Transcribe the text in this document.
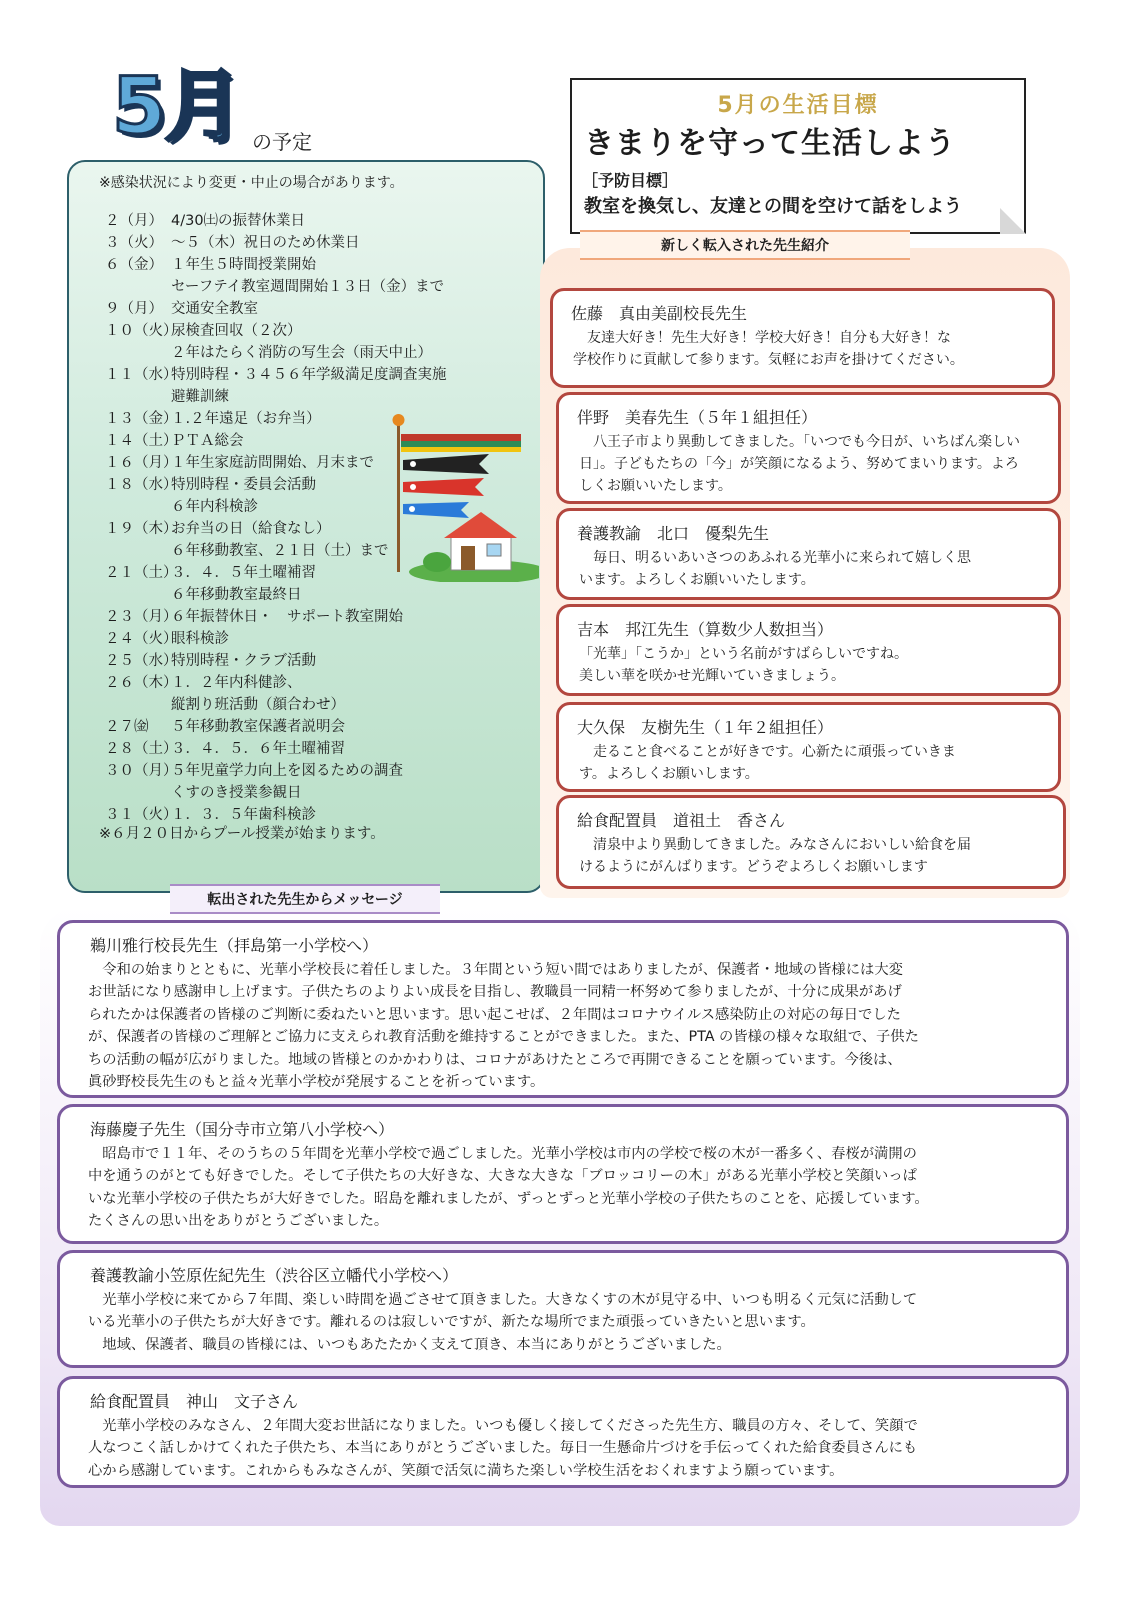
5月 の予定
※感染状況により変更・中止の場合があります。
２（月） 4/30㈯の振替休業日
３（火） ～５（木）祝日のため休業日
６（金） １年生５時間授業開始
セーフテイ教室週間開始１３日（金）まで
９（月） 交通安全教室
１０（火）尿検査回収（２次）
２年はたらく消防の写生会（雨天中止）
１１（水）特別時程・３４５６年学級満足度調査実施
避難訓練
１３（金）１.２年遠足（お弁当）
１４（土）ＰＴＡ総会
１６（月）１年生家庭訪問開始、月末まで
１８（水）特別時程・委員会活動
６年内科検診
１９（木）お弁当の日（給食なし）
６年移動教室、２１日（土）まで
２１（土）３．４．５年土曜補習
６年移動教室最終日
２３（月）６年振替休日・　サポート教室開始
２４（火）眼科検診
２５（水）特別時程・クラブ活動
２６（木）１．２年内科健診、
縦割り班活動（顔合わせ）
２７㈮ ５年移動教室保護者説明会
２８（土）３．４．５．６年土曜補習
３０（月）５年児童学力向上を図るための調査
くすのき授業参観日
３１（火）１．３．５年歯科検診
※６月２０日からプール授業が始まります。
5月の生活目標
きまりを守って生活しよう
［予防目標］
教室を換気し、友達との間を空けて話をしよう
新しく転入された先生紹介
佐藤　真由美副校長先生
　友達大好き！先生大好き！学校大好き！自分も大好き！な
学校作りに貢献して参ります。気軽にお声を掛けてください。
伴野　美春先生（５年１組担任）
　八王子市より異動してきました。「いつでも今日が、いちばん楽しい
日」。子どもたちの「今」が笑顔になるよう、努めてまいります。よろ
しくお願いいたします。
養護教諭　北口　優梨先生
　毎日、明るいあいさつのあふれる光華小に来られて嬉しく思
います。よろしくお願いいたします。
吉本　邦江先生（算数少人数担当）
「光華」「こうか」という名前がすばらしいですね。
美しい華を咲かせ光輝いていきましょう。
大久保　友樹先生（１年２組担任）
　走ること食べることが好きです。心新たに頑張っていきま
す。よろしくお願いします。
給食配置員　道祖土　香さん
　清泉中より異動してきました。みなさんにおいしい給食を届
けるようにがんばります。どうぞよろしくお願いします
転出された先生からメッセージ
鵜川雅行校長先生（拝島第一小学校へ）
　令和の始まりとともに、光華小学校長に着任しました。３年間という短い間ではありましたが、保護者・地域の皆様には大変
お世話になり感謝申し上げます。子供たちのよりよい成長を目指し、教職員一同精一杯努めて参りましたが、十分に成果があげ
られたかは保護者の皆様のご判断に委ねたいと思います。思い起こせば、２年間はコロナウイルス感染防止の対応の毎日でした
が、保護者の皆様のご理解とご協力に支えられ教育活動を維持することができました。また、PTA の皆様の様々な取組で、子供た
ちの活動の幅が広がりました。地域の皆様とのかかわりは、コロナがあけたところで再開できることを願っています。今後は、
眞砂野校長先生のもと益々光華小学校が発展することを祈っています。
海藤慶子先生（国分寺市立第八小学校へ）
　昭島市で１１年、そのうちの５年間を光華小学校で過ごしました。光華小学校は市内の学校で桜の木が一番多く、春桜が満開の
中を通うのがとても好きでした。そして子供たちの大好きな、大きな大きな「ブロッコリーの木」がある光華小学校と笑顔いっぱ
いな光華小学校の子供たちが大好きでした。昭島を離れましたが、ずっとずっと光華小学校の子供たちのことを、応援しています。
たくさんの思い出をありがとうございました。
養護教諭小笠原佐紀先生（渋谷区立幡代小学校へ）
　光華小学校に来てから７年間、楽しい時間を過ごさせて頂きました。大きなくすの木が見守る中、いつも明るく元気に活動して
いる光華小の子供たちが大好きです。離れるのは寂しいですが、新たな場所でまた頑張っていきたいと思います。
　地域、保護者、職員の皆様には、いつもあたたかく支えて頂き、本当にありがとうございました。
給食配置員　神山　文子さん
　光華小学校のみなさん、２年間大変お世話になりました。いつも優しく接してくださった先生方、職員の方々、そして、笑顔で
人なつこく話しかけてくれた子供たち、本当にありがとうございました。毎日一生懸命片づけを手伝ってくれた給食委員さんにも
心から感謝しています。これからもみなさんが、笑顔で活気に満ちた楽しい学校生活をおくれますよう願っています。
